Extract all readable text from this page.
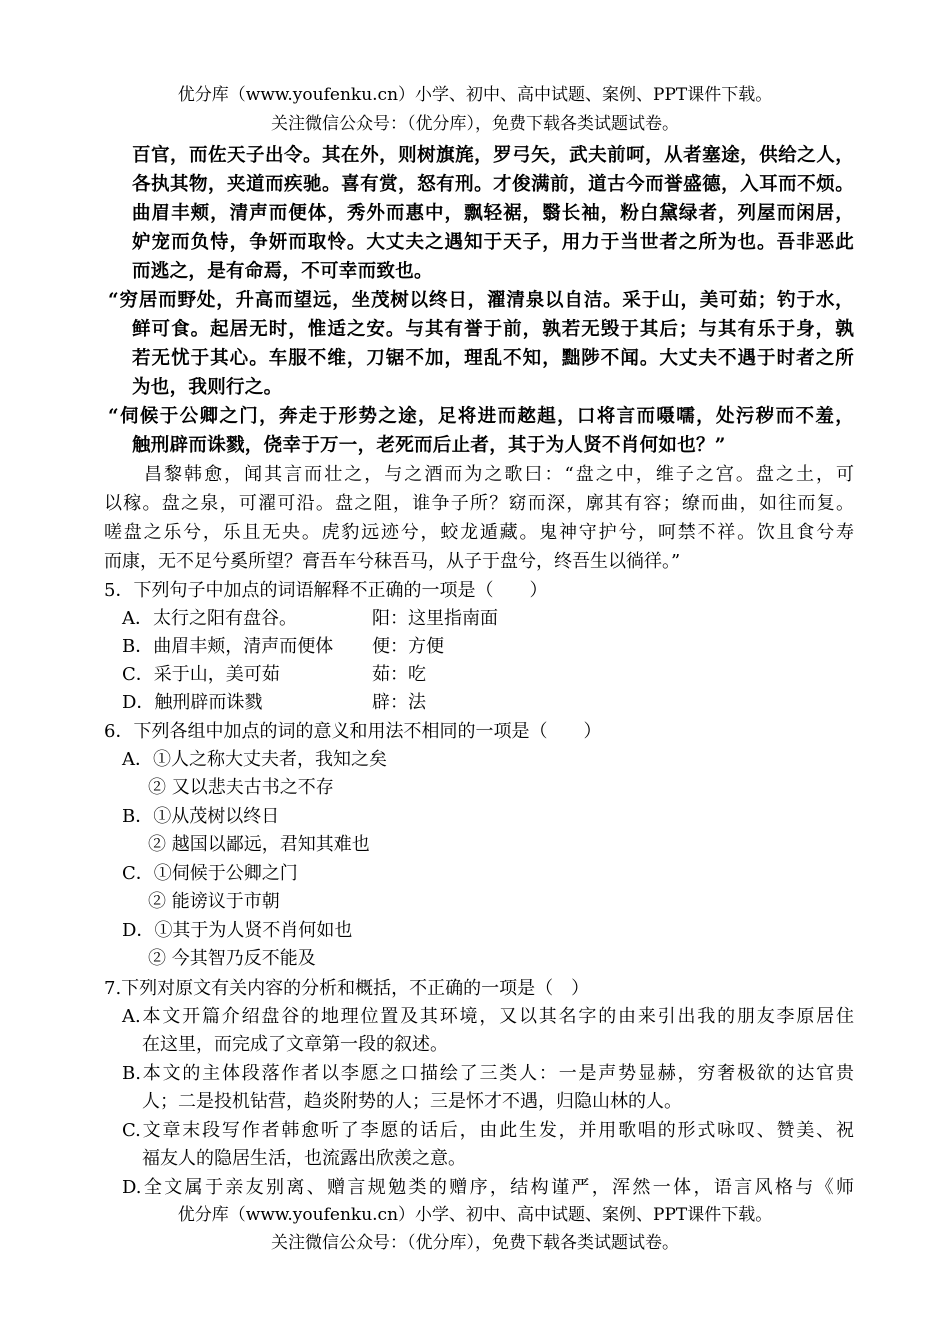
优分库（www.youfenku.cn）小学、初中、高中试题、案例、PPT课件下载。
关注微信公众号：（优分库），免费下载各类试题试卷。
百官，而佐天子出令。其在外，则树旗旄，罗弓矢，武夫前呵，从者塞途，供给之人，
各执其物，夹道而疾驰。喜有赏，怒有刑。才俊满前，道古今而誉盛德，入耳而不烦。
曲眉丰颊，清声而便体，秀外而惠中，飘轻裾，翳长袖，粉白黛绿者，列屋而闲居，
妒宠而负恃，争妍而取怜。大丈夫之遇知于天子，用力于当世者之所为也。吾非恶此
而逃之，是有命焉，不可幸而致也。
“穷居而野处，升高而望远，坐茂树以终日，濯清泉以自洁。采于山，美可茹；钓于水，
鲜可食。起居无时，惟适之安。与其有誉于前，孰若无毁于其后；与其有乐于身，孰
若无忧于其心。车服不维，刀锯不加，理乱不知，黜陟不闻。大丈夫不遇于时者之所
为也，我则行之。
“伺候于公卿之门，奔走于形势之途，足将进而趑趄，口将言而嗫嚅，处污秽而不羞，
触刑辟而诛戮，侥幸于万一，老死而后止者，其于为人贤不肖何如也？”
昌黎韩愈，闻其言而壮之，与之酒而为之歌曰：“盘之中，维子之宫。盘之土，可
以稼。盘之泉，可濯可沿。盘之阻，谁争子所？窈而深，廓其有容；缭而曲，如往而复。
嗟盘之乐兮，乐且无央。虎豹远迹兮，蛟龙遁藏。鬼神守护兮，呵禁不祥。饮且食兮寿
而康，无不足兮奚所望？膏吾车兮秣吾马，从子于盘兮，终吾生以徜徉。”
5．下列句子中加点的词语解释不正确的一项是（　　）
A．太行之阳有盘谷。	阳：这里指南面
B．曲眉丰颊，清声而便体 便：方便
C．采于山，美可茹	茹：吃
D．触刑辟而诛戮	辟：法
6．下列各组中加点的词的意义和用法不相同的一项是（　　）
A．①人之称大丈夫者，我知之矣
② 又以悲夫古书之不存
B．①从茂树以终日
② 越国以鄙远，君知其难也
C．①伺候于公卿之门
② 能谤议于市朝
D．①其于为人贤不肖何如也
② 今其智乃反不能及
7.下列对原文有关内容的分析和概括，不正确的一项是（　）
A.本文开篇介绍盘谷的地理位置及其环境，又以其名字的由来引出我的朋友李原居住
在这里，而完成了文章第一段的叙述。
B.本文的主体段落作者以李愿之口描绘了三类人：一是声势显赫，穷奢极欲的达官贵
人；二是投机钻营，趋炎附势的人；三是怀才不遇，归隐山林的人。
C.文章末段写作者韩愈听了李愿的话后，由此生发，并用歌唱的形式咏叹、赞美、祝
福友人的隐居生活，也流露出欣羡之意。
D.全文属于亲友别离、赠言规勉类的赠序，结构谨严，浑然一体，语言风格与《师
优分库（www.youfenku.cn）小学、初中、高中试题、案例、PPT课件下载。
关注微信公众号：（优分库），免费下载各类试题试卷。
